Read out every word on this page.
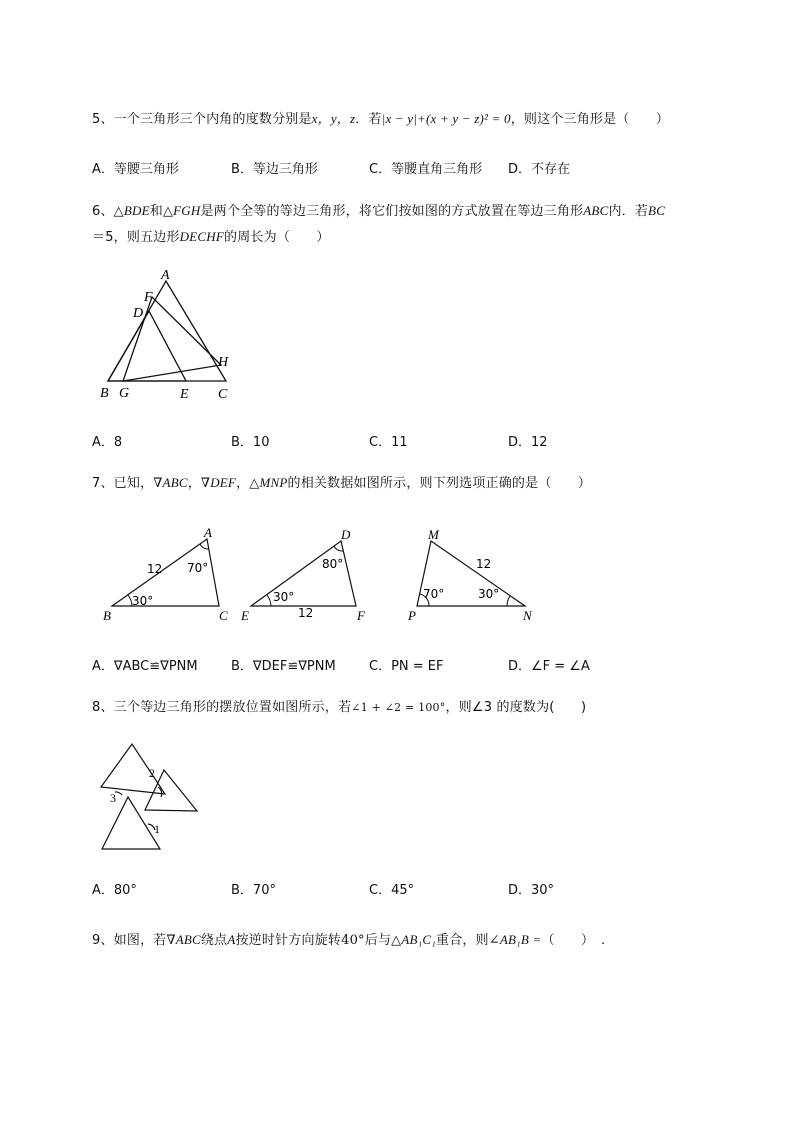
5、一个三角形三个内角的度数分别是x，y，z．若|x − y|+(x + y − z)² = 0，则这个三角形是（　　）
A．等腰三角形	B．等边三角形	C．等腰直角三角形 D．不存在
6、△BDE和△FGH是两个全等的等边三角形，将它们按如图的方式放置在等边三角形ABC内．若BC
＝5，则五边形DECHF的周长为（　　）
A
F
D
H
B G	E C
A．8	B．10	C．11	D．12
7、已知，∇ABC，∇DEF，△MNP的相关数据如图所示，则下列选项正确的是（　　）
A
B	C
12 70°
30°
D
E	F
12
80°
30°
M
P	N
12
70°	30°
A．∇ABC≌∇PNM	B．∇DEF≌∇PNM	C．PN = EF	D．∠F = ∠A
8、三个等边三角形的摆放位置如图所示，若∠1 + ∠2 = 100°，则∠3 的度数为(　　)
2
3
1
A．80°	B．70°	C．45°	D．30°
9、如图，若∇ABC绕点A按逆时针方向旋转40°后与△AB₁C₁重合，则∠AB₁B =（　　）　.
